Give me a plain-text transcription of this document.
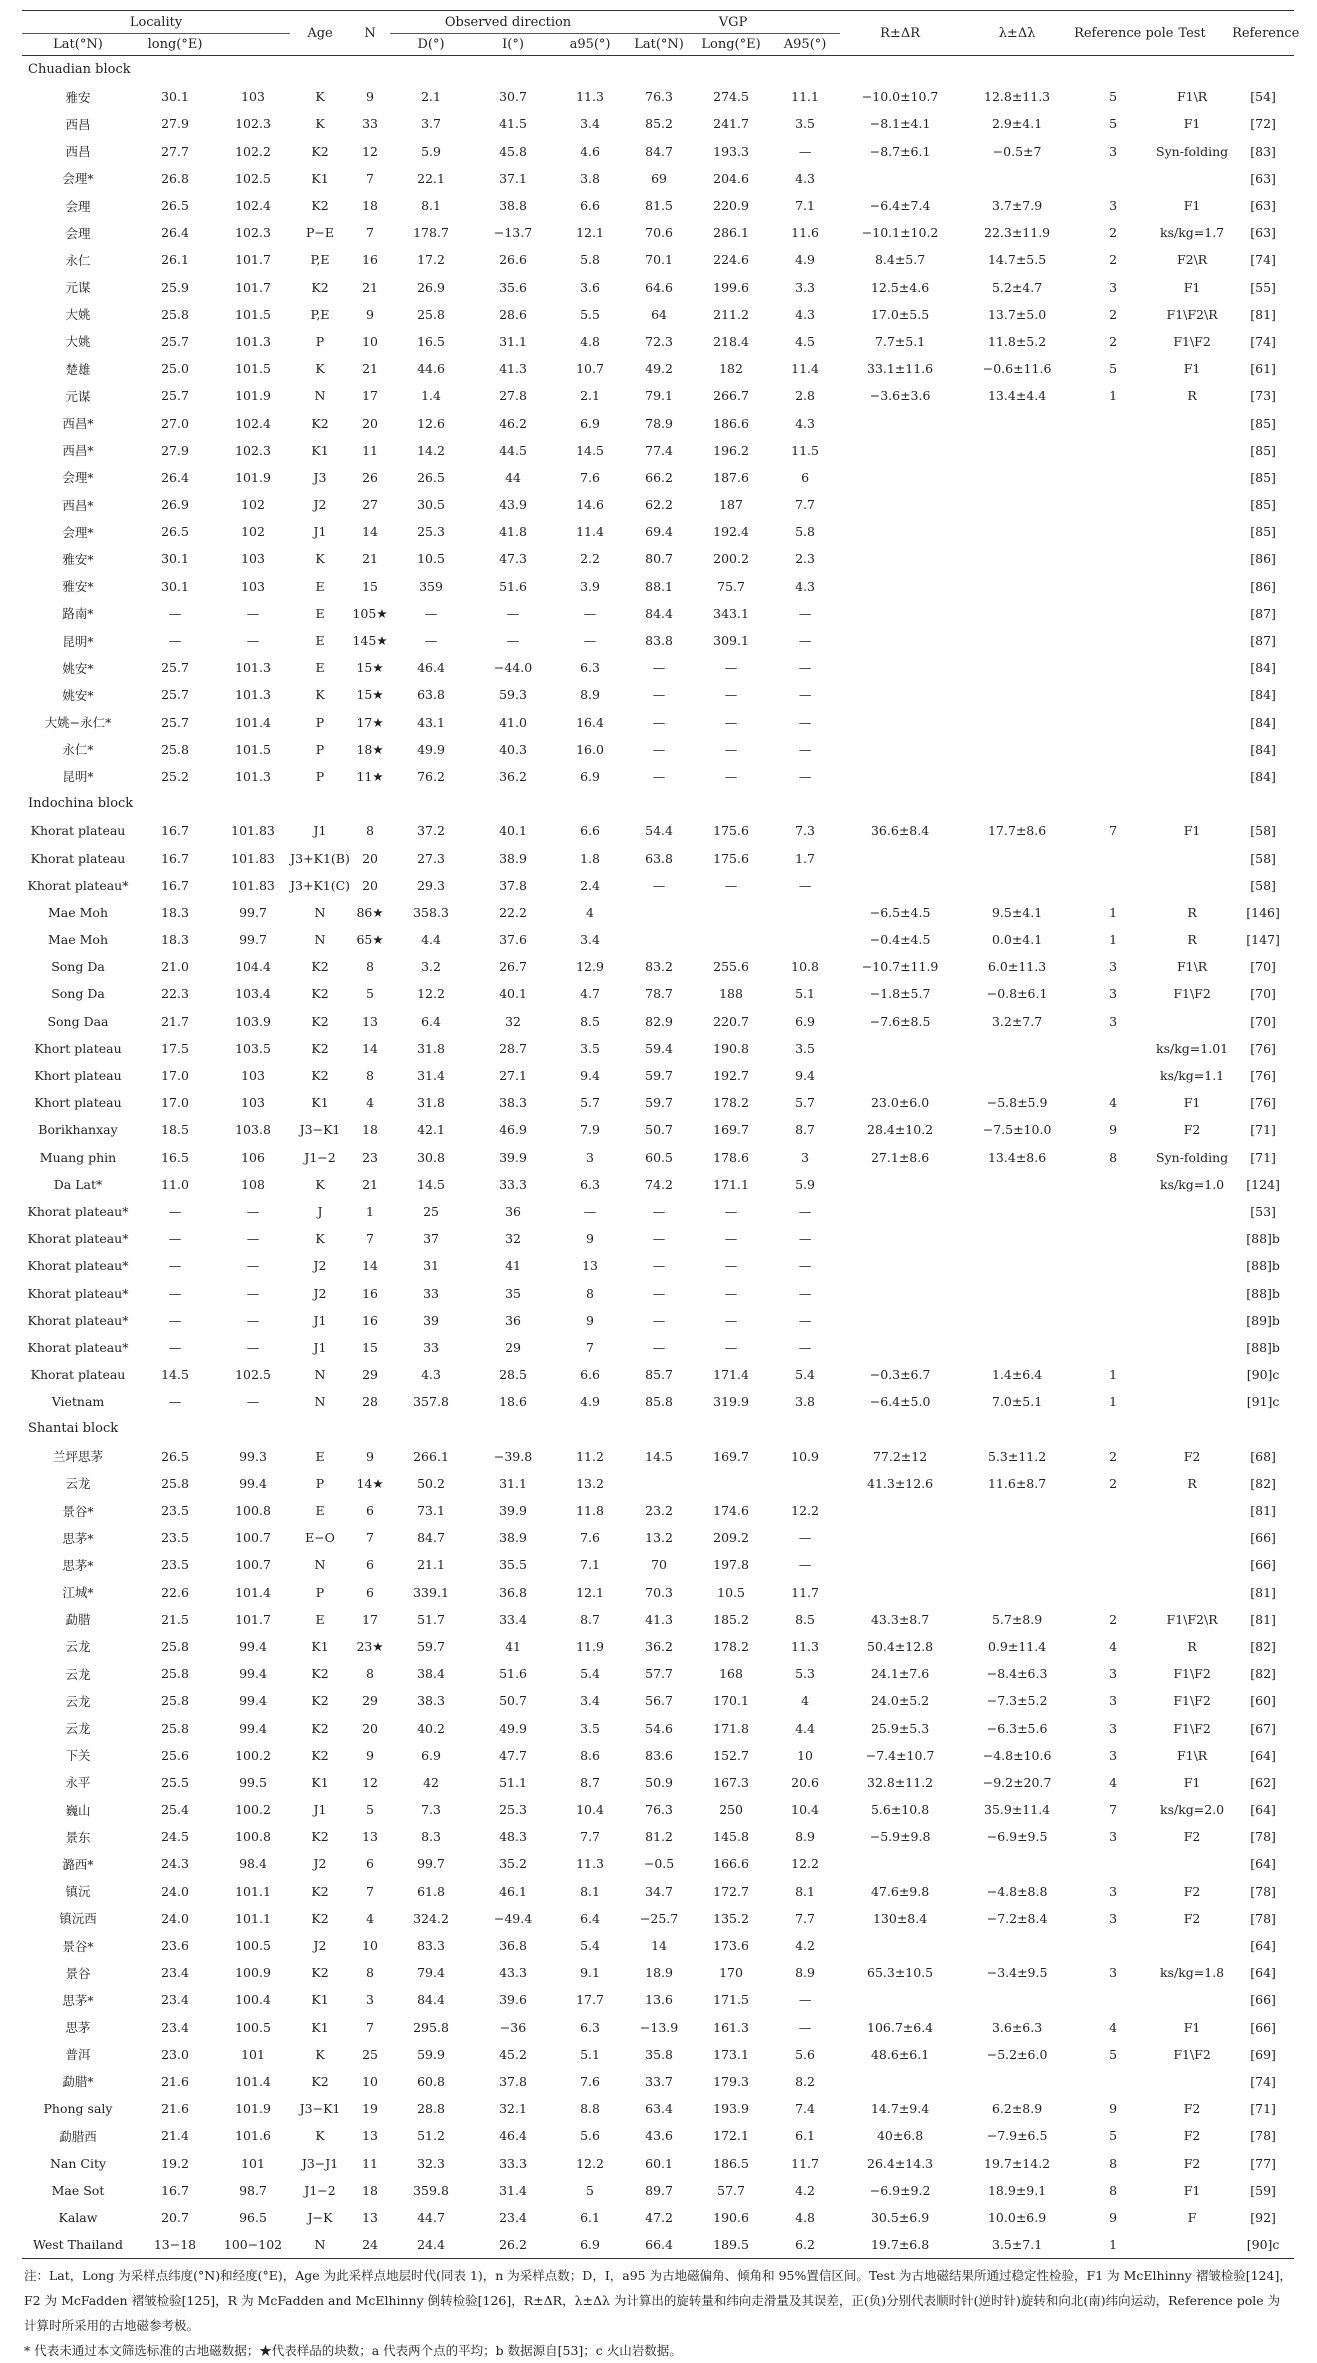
Locality			Age	N	Observed direction			VGP			R±ΔR	λ±Δλ	Reference pole	Test	Reference
Lat(°N)	long(°E)				D(°)	I(°)	a95(°)	Lat(°N)	Long(°E)	A95(°)					
Chuadian block															
雅安	30.1	103	K	9	2.1	30.7	11.3	76.3	274.5	11.1	−10.0±10.7	12.8±11.3	5	F1\R	[54]
西昌	27.9	102.3	K	33	3.7	41.5	3.4	85.2	241.7	3.5	−8.1±4.1	2.9±4.1	5	F1	[72]
西昌	27.7	102.2	K2	12	5.9	45.8	4.6	84.7	193.3	—	−8.7±6.1	−0.5±7	3	Syn-folding	[83]
会理*	26.8	102.5	K1	7	22.1	37.1	3.8	69	204.6	4.3					[63]
会理	26.5	102.4	K2	18	8.1	38.8	6.6	81.5	220.9	7.1	−6.4±7.4	3.7±7.9	3	F1	[63]
会理	26.4	102.3	P−E	7	178.7	−13.7	12.1	70.6	286.1	11.6	−10.1±10.2	22.3±11.9	2	ks/kg=1.7	[63]
永仁	26.1	101.7	P,E	16	17.2	26.6	5.8	70.1	224.6	4.9	8.4±5.7	14.7±5.5	2	F2\R	[74]
元谋	25.9	101.7	K2	21	26.9	35.6	3.6	64.6	199.6	3.3	12.5±4.6	5.2±4.7	3	F1	[55]
大姚	25.8	101.5	P,E	9	25.8	28.6	5.5	64	211.2	4.3	17.0±5.5	13.7±5.0	2	F1\F2\R	[81]
大姚	25.7	101.3	P	10	16.5	31.1	4.8	72.3	218.4	4.5	7.7±5.1	11.8±5.2	2	F1\F2	[74]
楚雄	25.0	101.5	K	21	44.6	41.3	10.7	49.2	182	11.4	33.1±11.6	−0.6±11.6	5	F1	[61]
元谋	25.7	101.9	N	17	1.4	27.8	2.1	79.1	266.7	2.8	−3.6±3.6	13.4±4.4	1	R	[73]
西昌*	27.0	102.4	K2	20	12.6	46.2	6.9	78.9	186.6	4.3					[85]
西昌*	27.9	102.3	K1	11	14.2	44.5	14.5	77.4	196.2	11.5					[85]
会理*	26.4	101.9	J3	26	26.5	44	7.6	66.2	187.6	6					[85]
西昌*	26.9	102	J2	27	30.5	43.9	14.6	62.2	187	7.7					[85]
会理*	26.5	102	J1	14	25.3	41.8	11.4	69.4	192.4	5.8					[85]
雅安*	30.1	103	K	21	10.5	47.3	2.2	80.7	200.2	2.3					[86]
雅安*	30.1	103	E	15	359	51.6	3.9	88.1	75.7	4.3					[86]
路南*	—	—	E	105★	—	—	—	84.4	343.1	—					[87]
昆明*	—	—	E	145★	—	—	—	83.8	309.1	—					[87]
姚安*	25.7	101.3	E	15★	46.4	−44.0	6.3	—	—	—					[84]
姚安*	25.7	101.3	K	15★	63.8	59.3	8.9	—	—	—					[84]
大姚−永仁*	25.7	101.4	P	17★	43.1	41.0	16.4	—	—	—					[84]
永仁*	25.8	101.5	P	18★	49.9	40.3	16.0	—	—	—					[84]
昆明*	25.2	101.3	P	11★	76.2	36.2	6.9	—	—	—					[84]
Indochina block															
Khorat plateau	16.7	101.83	J1	8	37.2	40.1	6.6	54.4	175.6	7.3	36.6±8.4	17.7±8.6	7	F1	[58]
Khorat plateau	16.7	101.83	J3+K1(B)	20	27.3	38.9	1.8	63.8	175.6	1.7					[58]
Khorat plateau*	16.7	101.83	J3+K1(C)	20	29.3	37.8	2.4	—	—	—					[58]
Mae Moh	18.3	99.7	N	86★	358.3	22.2	4				−6.5±4.5	9.5±4.1	1	R	[146]
Mae Moh	18.3	99.7	N	65★	4.4	37.6	3.4				−0.4±4.5	0.0±4.1	1	R	[147]
Song Da	21.0	104.4	K2	8	3.2	26.7	12.9	83.2	255.6	10.8	−10.7±11.9	6.0±11.3	3	F1\R	[70]
Song Da	22.3	103.4	K2	5	12.2	40.1	4.7	78.7	188	5.1	−1.8±5.7	−0.8±6.1	3	F1\F2	[70]
Song Daa	21.7	103.9	K2	13	6.4	32	8.5	82.9	220.7	6.9	−7.6±8.5	3.2±7.7	3		[70]
Khort plateau	17.5	103.5	K2	14	31.8	28.7	3.5	59.4	190.8	3.5				ks/kg=1.01	[76]
Khort plateau	17.0	103	K2	8	31.4	27.1	9.4	59.7	192.7	9.4				ks/kg=1.1	[76]
Khort plateau	17.0	103	K1	4	31.8	38.3	5.7	59.7	178.2	5.7	23.0±6.0	−5.8±5.9	4	F1	[76]
Borikhanxay	18.5	103.8	J3−K1	18	42.1	46.9	7.9	50.7	169.7	8.7	28.4±10.2	−7.5±10.0	9	F2	[71]
Muang phin	16.5	106	J1−2	23	30.8	39.9	3	60.5	178.6	3	27.1±8.6	13.4±8.6	8	Syn-folding	[71]
Da Lat*	11.0	108	K	21	14.5	33.3	6.3	74.2	171.1	5.9				ks/kg=1.0	[124]
Khorat plateau*	—	—	J	1	25	36	—	—	—	—					[53]
Khorat plateau*	—	—	K	7	37	32	9	—	—	—					[88]b
Khorat plateau*	—	—	J2	14	31	41	13	—	—	—					[88]b
Khorat plateau*	—	—	J2	16	33	35	8	—	—	—					[88]b
Khorat plateau*	—	—	J1	16	39	36	9	—	—	—					[89]b
Khorat plateau*	—	—	J1	15	33	29	7	—	—	—					[88]b
Khorat plateau	14.5	102.5	N	29	4.3	28.5	6.6	85.7	171.4	5.4	−0.3±6.7	1.4±6.4	1		[90]c
Vietnam	—	—	N	28	357.8	18.6	4.9	85.8	319.9	3.8	−6.4±5.0	7.0±5.1	1		[91]c
Shantai block															
兰坪思茅	26.5	99.3	E	9	266.1	−39.8	11.2	14.5	169.7	10.9	77.2±12	5.3±11.2	2	F2	[68]
云龙	25.8	99.4	P	14★	50.2	31.1	13.2				41.3±12.6	11.6±8.7	2	R	[82]
景谷*	23.5	100.8	E	6	73.1	39.9	11.8	23.2	174.6	12.2					[81]
思茅*	23.5	100.7	E−O	7	84.7	38.9	7.6	13.2	209.2	—					[66]
思茅*	23.5	100.7	N	6	21.1	35.5	7.1	70	197.8	—					[66]
江城*	22.6	101.4	P	6	339.1	36.8	12.1	70.3	10.5	11.7					[81]
勐腊	21.5	101.7	E	17	51.7	33.4	8.7	41.3	185.2	8.5	43.3±8.7	5.7±8.9	2	F1\F2\R	[81]
云龙	25.8	99.4	K1	23★	59.7	41	11.9	36.2	178.2	11.3	50.4±12.8	0.9±11.4	4	R	[82]
云龙	25.8	99.4	K2	8	38.4	51.6	5.4	57.7	168	5.3	24.1±7.6	−8.4±6.3	3	F1\F2	[82]
云龙	25.8	99.4	K2	29	38.3	50.7	3.4	56.7	170.1	4	24.0±5.2	−7.3±5.2	3	F1\F2	[60]
云龙	25.8	99.4	K2	20	40.2	49.9	3.5	54.6	171.8	4.4	25.9±5.3	−6.3±5.6	3	F1\F2	[67]
下关	25.6	100.2	K2	9	6.9	47.7	8.6	83.6	152.7	10	−7.4±10.7	−4.8±10.6	3	F1\R	[64]
永平	25.5	99.5	K1	12	42	51.1	8.7	50.9	167.3	20.6	32.8±11.2	−9.2±20.7	4	F1	[62]
巍山	25.4	100.2	J1	5	7.3	25.3	10.4	76.3	250	10.4	5.6±10.8	35.9±11.4	7	ks/kg=2.0	[64]
景东	24.5	100.8	K2	13	8.3	48.3	7.7	81.2	145.8	8.9	−5.9±9.8	−6.9±9.5	3	F2	[78]
潞西*	24.3	98.4	J2	6	99.7	35.2	11.3	−0.5	166.6	12.2					[64]
镇沅	24.0	101.1	K2	7	61.8	46.1	8.1	34.7	172.7	8.1	47.6±9.8	−4.8±8.8	3	F2	[78]
镇沅西	24.0	101.1	K2	4	324.2	−49.4	6.4	−25.7	135.2	7.7	130±8.4	−7.2±8.4	3	F2	[78]
景谷*	23.6	100.5	J2	10	83.3	36.8	5.4	14	173.6	4.2					[64]
景谷	23.4	100.9	K2	8	79.4	43.3	9.1	18.9	170	8.9	65.3±10.5	−3.4±9.5	3	ks/kg=1.8	[64]
思茅*	23.4	100.4	K1	3	84.4	39.6	17.7	13.6	171.5	—					[66]
思茅	23.4	100.5	K1	7	295.8	−36	6.3	−13.9	161.3	—	106.7±6.4	3.6±6.3	4	F1	[66]
普洱	23.0	101	K	25	59.9	45.2	5.1	35.8	173.1	5.6	48.6±6.1	−5.2±6.0	5	F1\F2	[69]
勐腊*	21.6	101.4	K2	10	60.8	37.8	7.6	33.7	179.3	8.2					[74]
Phong saly	21.6	101.9	J3−K1	19	28.8	32.1	8.8	63.4	193.9	7.4	14.7±9.4	6.2±8.9	9	F2	[71]
勐腊西	21.4	101.6	K	13	51.2	46.4	5.6	43.6	172.1	6.1	40±6.8	−7.9±6.5	5	F2	[78]
Nan City	19.2	101	J3−J1	11	32.3	33.3	12.2	60.1	186.5	11.7	26.4±14.3	19.7±14.2	8	F2	[77]
Mae Sot	16.7	98.7	J1−2	18	359.8	31.4	5	89.7	57.7	4.2	−6.9±9.2	18.9±9.1	8	F1	[59]
Kalaw	20.7	96.5	J−K	13	44.7	23.4	6.1	47.2	190.6	4.8	30.5±6.9	10.0±6.9	9	F	[92]
West Thailand	13−18	100−102	N	24	24.4	26.2	6.9	66.4	189.5	6.2	19.7±6.8	3.5±7.1	1		[90]c
注：Lat，Long 为采样点纬度(°N)和经度(°E)，Age 为此采样点地层时代(同表 1)，n 为采样点数；D，I，a95 为古地磁偏角、倾角和 95%置信区间。Test 为古地磁结果所通过稳定性检验，F1 为 McElhinny 褶皱检验[124]，F2 为 McFadden 褶皱检验[125]，R 为 McFadden and McElhinny 倒转检验[126]，R±ΔR，λ±Δλ 为计算出的旋转量和纬向走滑量及其误差，正(负)分别代表顺时针(逆时针)旋转和向北(南)纬向运动，Reference pole 为计算时所采用的古地磁参考极。
* 代表未通过本文筛选标准的古地磁数据；★代表样品的块数；a 代表两个点的平均；b 数据源自[53]；c 火山岩数据。
